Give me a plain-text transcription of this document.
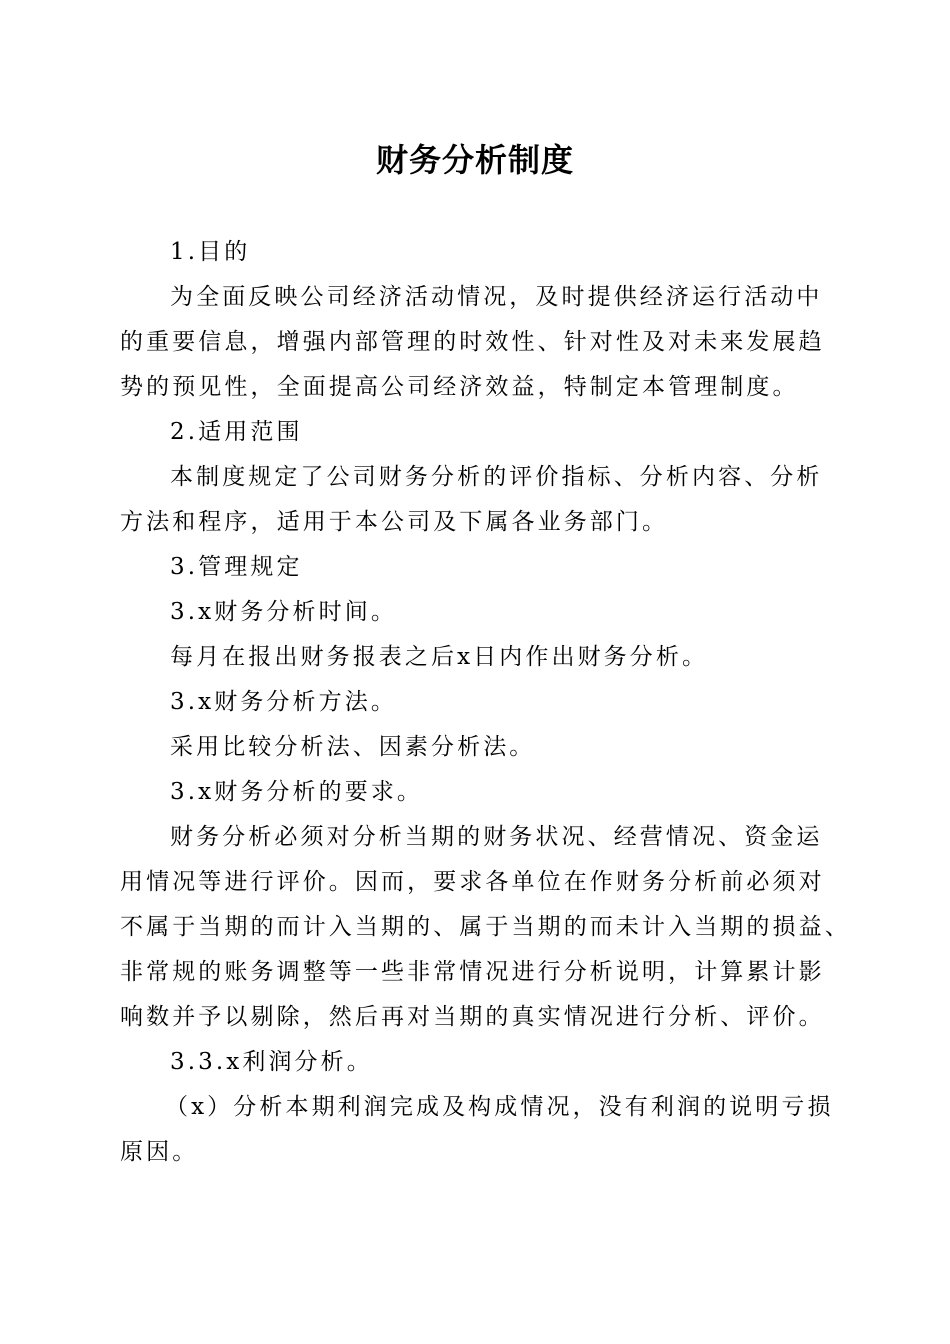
财务分析制度

1.目的

为全面反映公司经济活动情况，及时提供经济运行活动中

的重要信息，增强内部管理的时效性、针对性及对未来发展趋

势的预见性，全面提高公司经济效益，特制定本管理制度。

2.适用范围

本制度规定了公司财务分析的评价指标、分析内容、分析

方法和程序，适用于本公司及下属各业务部门。

3.管理规定

3.x财务分析时间。

每月在报出财务报表之后x日内作出财务分析。

3.x财务分析方法。

采用比较分析法、因素分析法。

3.x财务分析的要求。

财务分析必须对分析当期的财务状况、经营情况、资金运

用情况等进行评价。因而，要求各单位在作财务分析前必须对

不属于当期的而计入当期的、属于当期的而未计入当期的损益、

非常规的账务调整等一些非常情况进行分析说明，计算累计影

响数并予以剔除，然后再对当期的真实情况进行分析、评价。

3.3.x利润分析。

（x）分析本期利润完成及构成情况，没有利润的说明亏损

原因。
